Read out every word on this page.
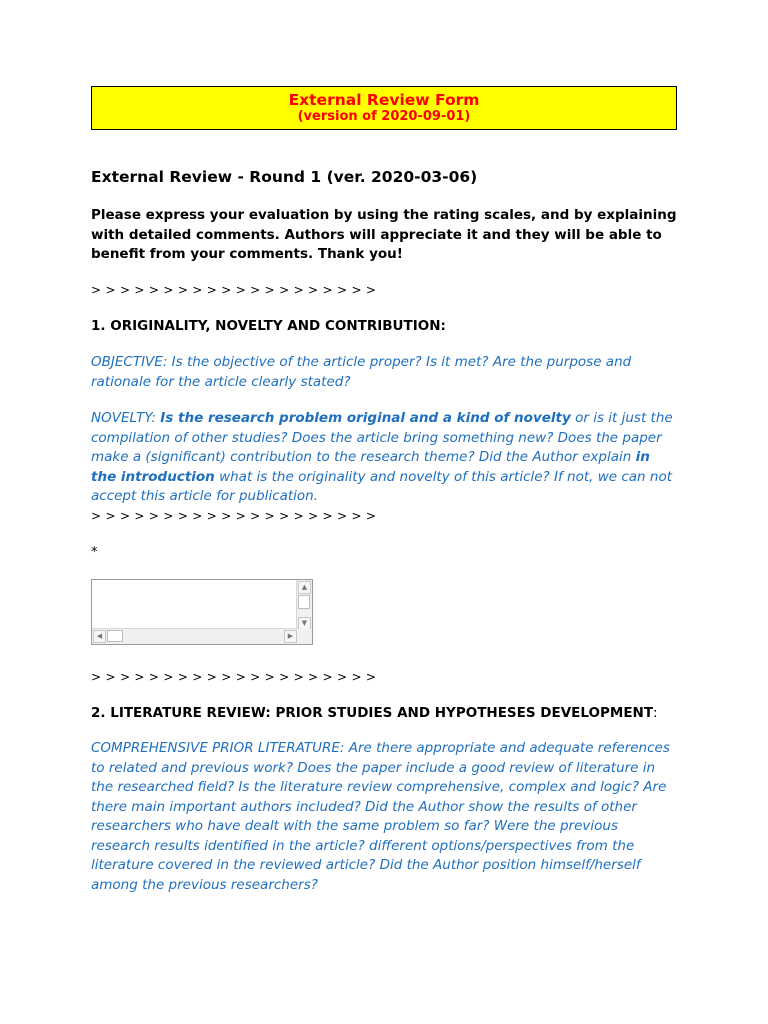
External Review Form
(version of 2020-09-01)
External Review - Round 1 (ver. 2020-03-06)
Please express your evaluation by using the rating scales, and by explaining with detailed comments. Authors will appreciate it and they will be able to benefit from your comments. Thank you!
> > > > > > > > > > > > > > > > > > > >
1. ORIGINALITY, NOVELTY AND CONTRIBUTION:

OBJECTIVE: Is the objective of the article proper? Is it met? Are the purpose and rationale for the article clearly stated?

NOVELTY: Is the research problem original and a kind of novelty or is it just the compilation of other studies? Does the article bring something new? Does the paper make a (significant) contribution to the research theme? Did the Author explain in the introduction what is the originality and novelty of this article? If not, we can not accept this article for publication.

> > > > > > > > > > > > > > > > > > > >
*
▲
▼
◀	▶
> > > > > > > > > > > > > > > > > > > >
2. LITERATURE REVIEW: PRIOR STUDIES AND HYPOTHESES DEVELOPMENT:

COMPREHENSIVE PRIOR LITERATURE: Are there appropriate and adequate references to related and previous work? Does the paper include a good review of literature in the researched field? Is the literature review comprehensive, complex and logic? Are there main important authors included? Did the Author show the results of other researchers who have dealt with the same problem so far? Were the previous research results identified in the article? different options/perspectives from the literature covered in the reviewed article? Did the Author position himself/herself among the previous researchers?
